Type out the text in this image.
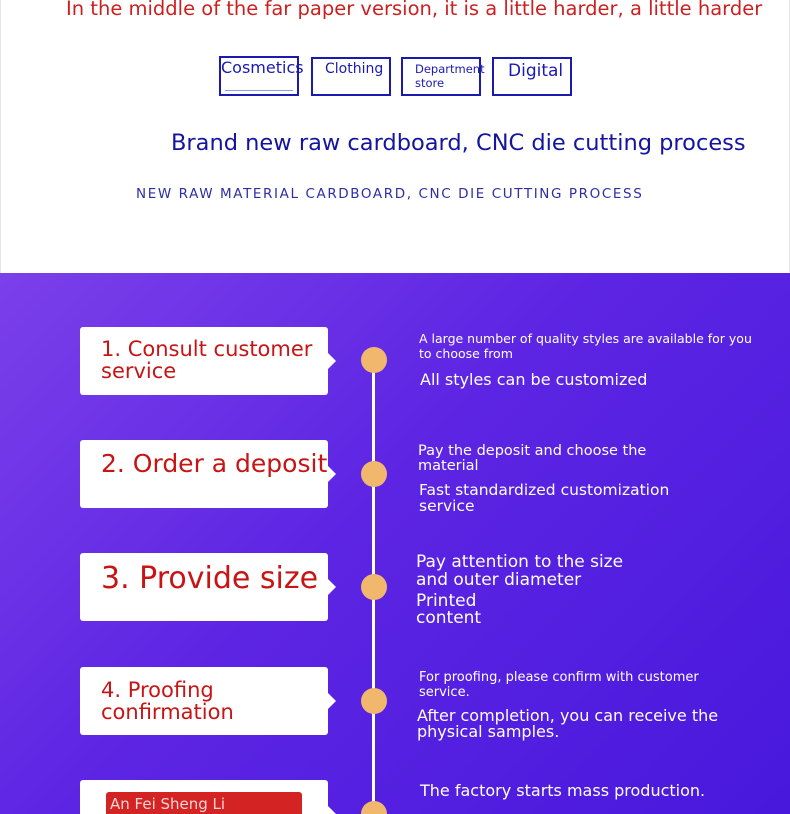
In the middle of the far paper version, it is a little harder, a little harder
Cosmetics Clothing	Department store
Digital
Brand new raw cardboard, CNC die cutting process
NEW RAW MATERIAL CARDBOARD, CNC DIE CUTTING PROCESS
1. Consult customer service
A large number of quality styles are available for you to choose from
All styles can be customized
2. Order a deposit	Pay the deposit and choose the material
Fast standardized customization service
3. Provide size	Pay attention to the size and outer diameter
Printed content
4. Proofing confirmation
For proofing, please confirm with customer service.
After completion, you can receive the physical samples.
An Fei Sheng Li
The factory starts mass production.
